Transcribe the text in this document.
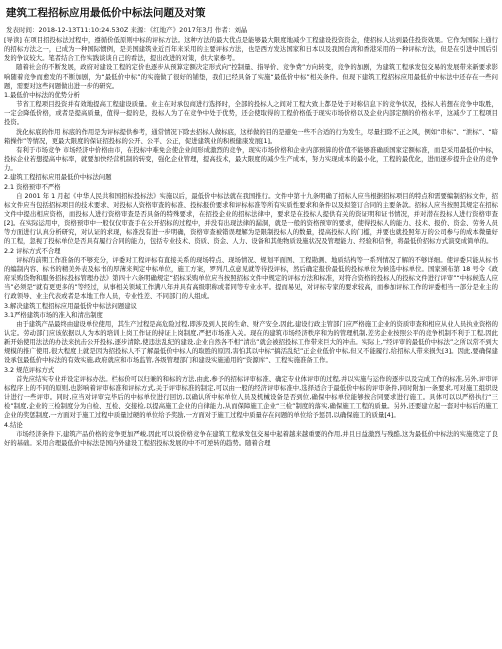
建筑工程招标应用最低价中标法问题及对策
发表时间：2018-12-13T11:10:24.530Z 来源：《红地产》2017年3月 作者：刘晶

[导读] 在项目招投标法过程中，遵循价低原则中标的评标方法。这种方法的最大优点是能够最大限度地减少工程建设投资资金，使招标人达到最佳投资效果。它作为国际上通行的招标方法之一，已成为一种国际惯例，是美国建筑业近百年来采用的主要评标方法，也是西方发达国家和日本以及我国台湾和香港采用的一种评标方法，但是在引进中国后引发的争议较大。笔者结合工作实践谈谈自己的看法，提出改进的对策，供大家参考。

随着社会的不断发展，政府对建设工程的定价也逐步从预算定额决定形式向“控制量、指导价、竞争费”方向转变，竞争的加剧，为建筑工程承发包交易的发展带来新要求影响随着竞争而愈发的不断加剧，为“最低价中标”的实施做了很好的铺垫，我们已经具备了实施“最低价中标”相关条件。但现下建筑工程招标应用最低价中标法中还存在一些问题，需要对这些问题做出进一步的研究。

1.最低价中标法的优势分析

节省工程项目投资并有效地提高工程建设质量。业主在对承包商进行选择时，全部的投标人之间对工程大致上都是处于对称信息下的竞争状况，投标人若想在竞争中取胜，一定会降低价格，或者是提高质量，值得一提的是，投标人为了在竞争中处于优势，还会使取得的工程价格低于现实市场价格以及企业内部定额的价格水平，这减少了工程项目投资。

洗化标底的作用 标底的作用是为评标提供参考，通常情况下除去招标人做标底，这样做的目的是避免一些不合适的行为发生，尽量扫除不正之风，例如“串标”、“泄标”、“暗箱操作”等情况，更最大限度的保证招投标的公开、公平、公正，促进建筑业的积极健康发展[1]。

有利于市场竞争 市场经济中价格由市，在投标中难免会使企业间形成激烈的竞争，现实市场价格和企业内部预算的价值不能够准确质国家定额标准，而是采用最低价中标，投标企业若想提高中标率，就要加快经营机制的转变，强化企业管理，提高技术，最大限度的减少生产成本，努力实现成本的最小化，工程的最优化，进而逐步提升企业的竞争力。

2.建筑工程招标应用最低价中标法问题

2.1 资格预审不严格

自 2001 年 1 月起《中华人民共和国招标投标法》实施以后，最低价中标法就在我国推行。文件中第十九条明确了招标人应当根据招标项目的特点和需要编制招标文件，招标文件应当包括招标项目的技术要求、对投标人资格审查的标准、投标报价要求和评标标准等所有实质性要求和条件以及拟签订合同的主要条款。招标人应当按照其规定在招标文件中提出相应资格，而投标人进行资格审查是否具备的特殊要求，在招投企业的招标法律中，要求是在投标人提供有关的资证明和证书情况，并对潜在投标人进行资格审查[2]。在实际运用中，资格预审中一般仅仅审查手在公开招标的过程中，并没有出现法律的漏洞，就是一般的资格预审的要求，使得投标人的能力、技术、报价、资金、劳务人员等方面进行认真分析研究，对认证的求现，标准没有进一步明确，资格审查被错误理解为是限制投标人的数量，提高投标人的门槛，并要也就投照年万的公司参与的成本微量好的工程，忽视了投标单位是否具有履行合同的能力，包括专业技术、资质、资金、人力、设备和其他物质设施状况及管理能力、经验和信誉，将最低价招标方式演变成简单的。

2.2 评标方式不合理

评标的前期工作准备的不够充分，评委对工程评标有直接关系的现场特点、现场情况、规划平面图、工程勘测、地质结构等一系列情况了解的不够详细。使评委只能从标书的编制内容、标书的精美外表及标书的厚薄来判定中标单位，施工方案，罗列几点意见就等待投评标，然后确定报价最低的投标单位为候选中标单位。国家颁布第 18 号令《政府采购货物和服务招标投标管理办法》第四十六条明确规定“招标采购单位应当按照招标文件中规定的评标方法和标准，对符合资格的投标人的投标文件进行评审”“中标候选人应当”必须是“就有更更多的”等经过，从事相关领域工作满八年并具有高级职称或者同等专业水平。提而易见，对评标专家的要求较高，而参加评标工作的评委相当一部分是业主的行政领导、业主代表或者是本地工作人员，专业性差、不同部门的人组成。

3.解决建筑工程招标应用最低价中标法问题建议

3.1严格建筑市场的准入和清出制度

由于建筑产品最终由建设单位使用，其生产过程是高危险过程,即涉及到人民的生命、财产安全,因此,建设行政主管部门应严格施工企业的资质审查和相应从业人员执业资格的认定。劳动部门应该依据以人为本的培训上岗工作证的持证上岗制度,严把市场准入关。现在的建筑市场经济秩序和为的管理机制,差劣企业按照公平的竞争机制不利于工程,因此新开始使用法法的办法来抗击公开投标,逐步清除,使违法乱纪的建设,企业自然各不相“清出”就会被招投标工作带来巨大的冲击。实际上,“经评审的最低价中标法”之所以常不到大规模的推广使用,很大程度上就是因为招投标人不了解最低价中标人的取胜的原因,害怕其以中标“搞活乱纪”正企业低价中标,但又不能履行,给招标人带来损失[3]。因此,要确保建设承包最低价中标法的有效实施,政府就应和市场监管,各级管理部门和建设实施通用的“资源库”、工程实施准备工作。

3.2 规范评标方式

首先应结实专业并设定评标办法。栏标价可以归兼的和标的方法,由此,参予的招标评审标准、确定专业体评审的过程,并以实施与运作的逐步以及完成工作的标准,另外,评审评标程序上的不同的原则,也影响着评审标准和评标方式,关于评审标准的制定,可以由一般的经济评审标准中,选择适合于最低价中标的评审条件,同时附加一条要求,可对施工组织设计进行一些评审。同时,应当对评审完毕后的中标单位进行回访,以确认所中标单位人员及机械设备是否到位,确保中标单位能够按合同要求进行施工。具体可以以严格执行“三检”制度,企业的三检制度分为自检、互检、交接检,以提高施工企业的自律能力,从而保障施工企业“三检”制度的落实,确保施工工程的质量。另外,还要建立起一套对中标后的施工企业的奖惩制度,一方面对于施工过程中质量过硬的单位给予奖励,一方面对于施工过程中质量存在问题的单位给予惩罚,以确保施工的质量[4]。

4.结论

市场经济条件下,建筑产品价格的竞争更加严峻,因此可以说价格竞争在建筑工程承发包交易中起着越来越重要的作用,并且日益激烈与残酷,这为最低价中标法的实施奠定了良好的基础。采用合理最低价中标法是国内外建设工程招投标发展的中不可逆转的趋势。随着合理
